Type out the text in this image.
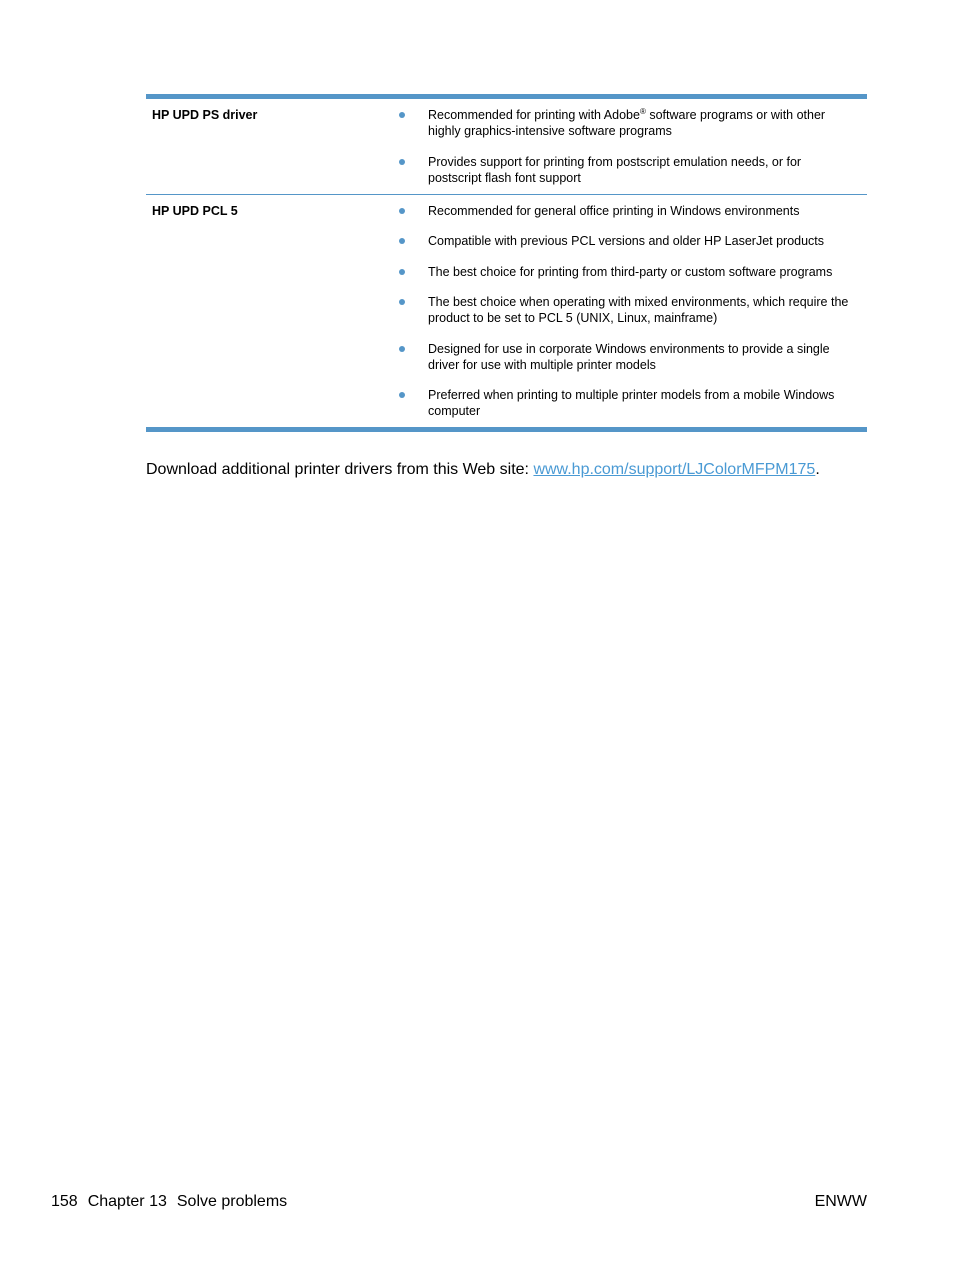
HP UPD PS driver	Recommended for printing with Adobe® software programs or with other highly graphics-intensive software programs
Provides support for printing from postscript emulation needs, or for postscript flash font support
HP UPD PCL 5	Recommended for general office printing in Windows environments
Compatible with previous PCL versions and older HP LaserJet products
The best choice for printing from third-party or custom software programs
The best choice when operating with mixed environments, which require the product to be set to PCL 5 (UNIX, Linux, mainframe)
Designed for use in corporate Windows environments to provide a single driver for use with multiple printer models
Preferred when printing to multiple printer models from a mobile Windows computer

Download additional printer drivers from this Web site: www.hp.com/support/LJColorMFPM175.

158 Chapter 13 Solve problems	ENWW
